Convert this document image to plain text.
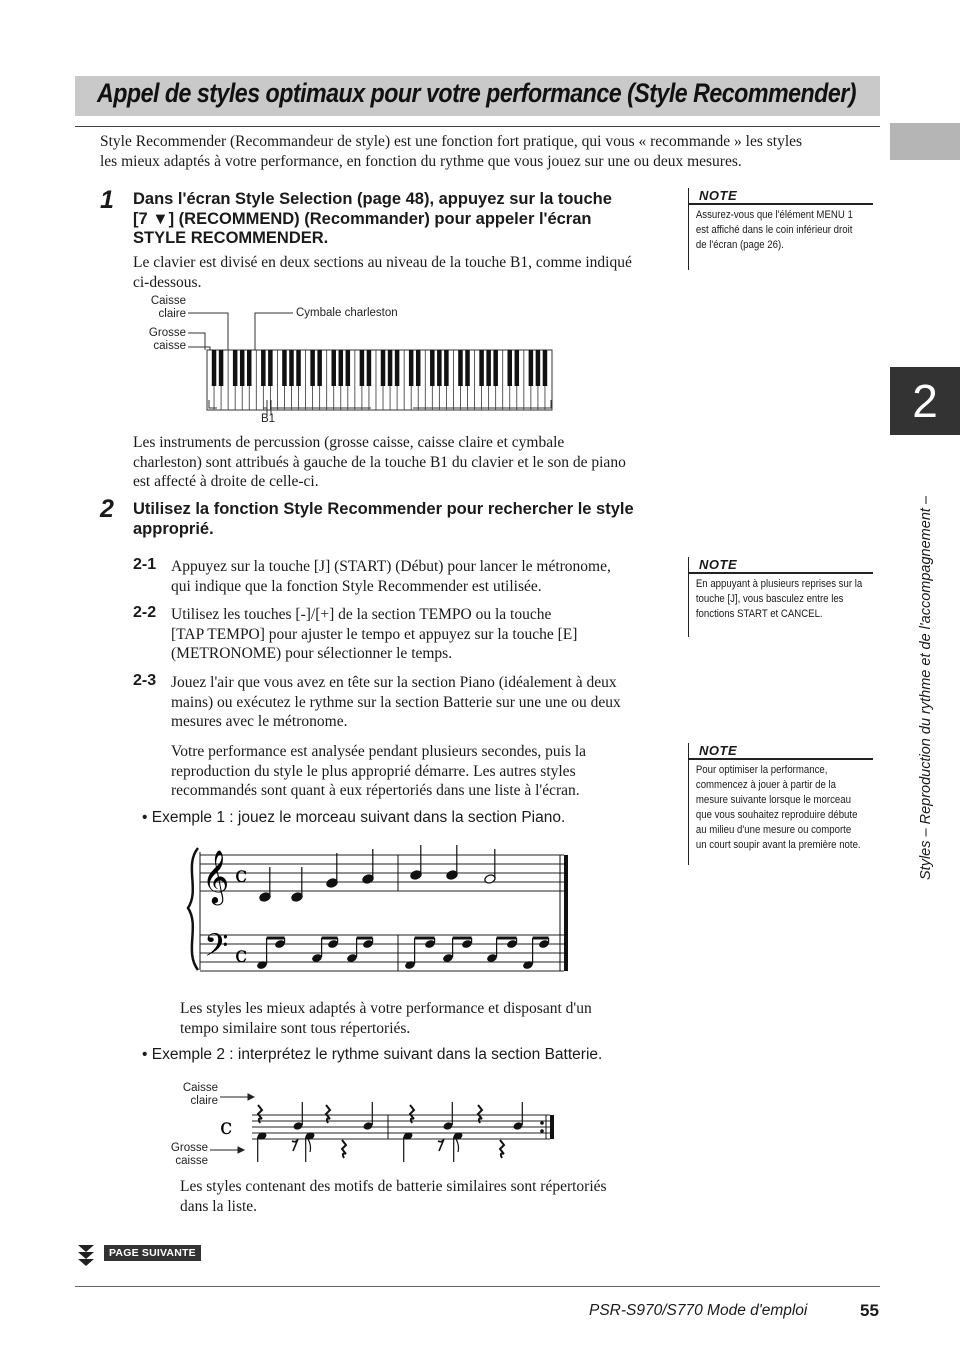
Appel de styles optimaux pour votre performance (Style Recommender)
Style Recommender (Recommandeur de style) est une fonction fort pratique, qui vous « recommande » les styles
les mieux adaptés à votre performance, en fonction du rythme que vous jouez sur une ou deux mesures.
2
Styles – Reproduction du rythme et de l'accompagnement –
1 Dans l'écran Style Selection (page 48), appuyez sur la touche
[7 ▼] (RECOMMEND) (Recommander) pour appeler l'écran
STYLE RECOMMENDER.
Le clavier est divisé en deux sections au niveau de la touche B1, comme indiqué
ci-dessous.
Caisse
claire
Grosse
caisse
Cymbale charleston
B1
Les instruments de percussion (grosse caisse, caisse claire et cymbale
charleston) sont attribués à gauche de la touche B1 du clavier et le son de piano
est affecté à droite de celle-ci.
2 Utilisez la fonction Style Recommender pour rechercher le style
approprié.
2-1 Appuyez sur la touche [J] (START) (Début) pour lancer le métronome,
qui indique que la fonction Style Recommender est utilisée.
2-2 Utilisez les touches [-]/[+] de la section TEMPO ou la touche
[TAP TEMPO] pour ajuster le tempo et appuyez sur la touche [E]
(METRONOME) pour sélectionner le temps.
2-3 Jouez l'air que vous avez en tête sur la section Piano (idéalement à deux
mains) ou exécutez le rythme sur la section Batterie sur une une ou deux
mesures avec le métronome.
Votre performance est analysée pendant plusieurs secondes, puis la
reproduction du style le plus approprié démarre. Les autres styles
recommandés sont quant à eux répertoriés dans une liste à l'écran.
• Exemple 1 : jouez le morceau suivant dans la section Piano.
𝄞 c
𝄢 c
Les styles les mieux adaptés à votre performance et disposant d'un
tempo similaire sont tous répertoriés.
• Exemple 2 : interprétez le rythme suivant dans la section Batterie.
Caisse
claire
Grosse
caisse
c
Les styles contenant des motifs de batterie similaires sont répertoriés
dans la liste.
NOTE
Assurez-vous que l'élément MENU 1
est affiché dans le coin inférieur droit
de l'écran (page 26).
NOTE
En appuyant à plusieurs reprises sur la
touche [J], vous basculez entre les
fonctions START et CANCEL.
NOTE
Pour optimiser la performance,
commencez à jouer à partir de la
mesure suivante lorsque le morceau
que vous souhaitez reproduire débute
au milieu d'une mesure ou comporte
un court soupir avant la première note.
PAGE SUIVANTE
PSR-S970/S770 Mode d'emploi	55
